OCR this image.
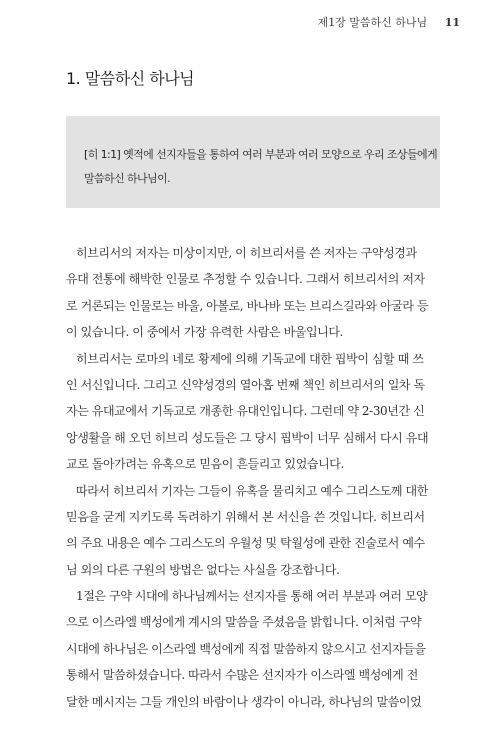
제1장 말씀하신 하나님 11
1. 말씀하신 하나님
[히 1:1] 옛적에 선지자들을 통하여 여러 부분과 여러 모양으로 우리 조상들에게
말씀하신 하나님이.
히브리서의 저자는 미상이지만, 이 히브리서를 쓴 저자는 구약성경과
유대 전통에 해박한 인물로 추정할 수 있습니다. 그래서 히브리서의 저자
로 거론되는 인물로는 바울, 아볼로, 바나바 또는 브리스길라와 아굴라 등
이 있습니다. 이 중에서 가장 유력한 사람은 바울입니다.
히브리서는 로마의 네로 황제에 의해 기독교에 대한 핍박이 심할 때 쓰
인 서신입니다. 그리고 신약성경의 열아홉 번째 책인 히브리서의 일차 독
자는 유대교에서 기독교로 개종한 유대인입니다. 그런데 약 2-30년간 신
앙생활을 해 오던 히브리 성도들은 그 당시 핍박이 너무 심해서 다시 유대
교로 돌아가려는 유혹으로 믿음이 흔들리고 있었습니다.
따라서 히브리서 기자는 그들이 유혹을 물리치고 예수 그리스도께 대한
믿음을 굳게 지키도록 독려하기 위해서 본 서신을 쓴 것입니다. 히브리서
의 주요 내용은 예수 그리스도의 우월성 및 탁월성에 관한 진술로서 예수
님 외의 다른 구원의 방법은 없다는 사실을 강조합니다.
1절은 구약 시대에 하나님께서는 선지자를 통해 여러 부분과 여러 모양
으로 이스라엘 백성에게 계시의 말씀을 주셨음을 밝힙니다. 이처럼 구약
시대에 하나님은 이스라엘 백성에게 직접 말씀하지 않으시고 선지자들을
통해서 말씀하셨습니다. 따라서 수많은 선지자가 이스라엘 백성에게 전
달한 메시지는 그들 개인의 바람이나 생각이 아니라, 하나님의 말씀이었
